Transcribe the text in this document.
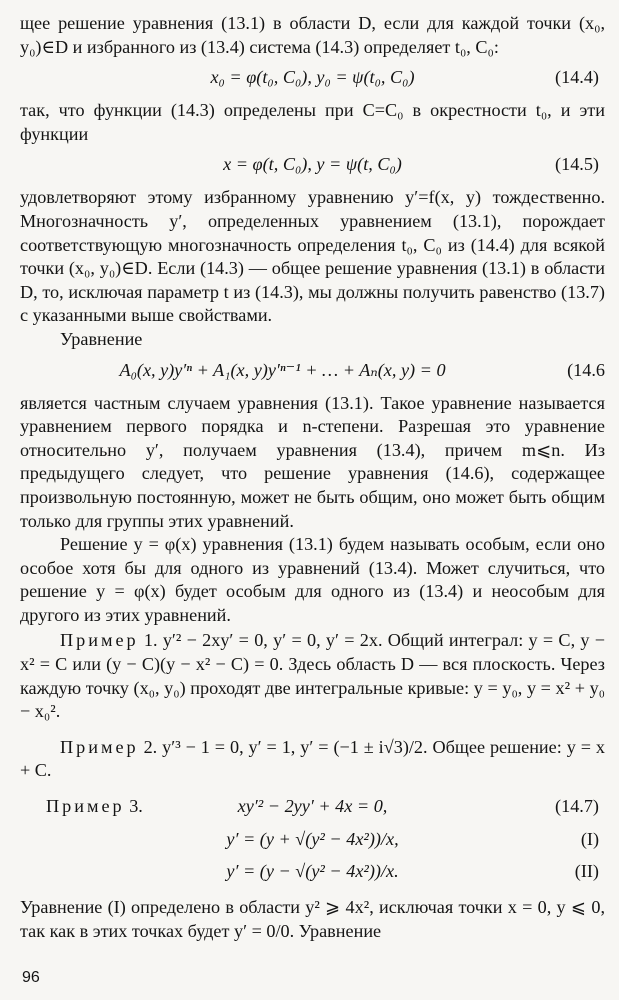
щее решение уравнения (13.1) в области D, если для каждой точки (x₀, y₀)∈D и избранного из (13.4) система (14.3) определяет t₀, C₀:

x₀ = φ(t₀, C₀), y₀ = ψ(t₀, C₀)	(14.4)

так, что функции (14.3) определены при C=C₀ в окрестности t₀, и эти функции

x = φ(t, C₀), y = ψ(t, C₀)	(14.5)

удовлетворяют этому избранному уравнению y′=f(x, y) тождественно. Многозначность y′, определенных уравнением (13.1), порождает соответствующую многозначность определения t₀, C₀ из (14.4) для всякой точки (x₀, y₀)∈D. Если (14.3) — общее решение уравнения (13.1) в области D, то, исключая параметр t из (14.3), мы должны получить равенство (13.7) с указанными выше свойствами.

Уравнение

A₀(x, y)y′ⁿ + A₁(x, y)y′ⁿ⁻¹ + … + Aₙ(x, y) = 0	(14.6

является частным случаем уравнения (13.1). Такое уравнение называется уравнением первого порядка и n-степени. Разрешая это уравнение относительно y′, получаем уравнения (13.4), причем m⩽n. Из предыдущего следует, что решение уравнения (14.6), содержащее произвольную постоянную, может не быть общим, оно может быть общим только для группы этих уравнений.

Решение y = φ(x) уравнения (13.1) будем называть особым, если оно особое хотя бы для одного из уравнений (13.4). Может случиться, что решение y = φ(x) будет особым для одного из (13.4) и неособым для другого из этих уравнений.

Пример 1. y′² − 2xy′ = 0, y′ = 0, y′ = 2x. Общий интеграл: y = C, y − x² = C или (y − C)(y − x² − C) = 0. Здесь область D — вся плоскость. Через каждую точку (x₀, y₀) проходят две интегральные кривые: y = y₀, y = x² + y₀ − x₀².

Пример 2. y′³ − 1 = 0, y′ = 1, y′ = (−1 ± i√3)/2. Общее решение: y = x + C.

Пример 3.	xy′² − 2yy′ + 4x = 0,	(14.7)
y′ = (y + √(y² − 4x²))/x,	(I)
y′ = (y − √(y² − 4x²))/x.	(II)

Уравнение (I) определено в области y² ⩾ 4x², исключая точки x = 0, y ⩽ 0, так как в этих точках будет y′ = 0/0. Уравнение

96
